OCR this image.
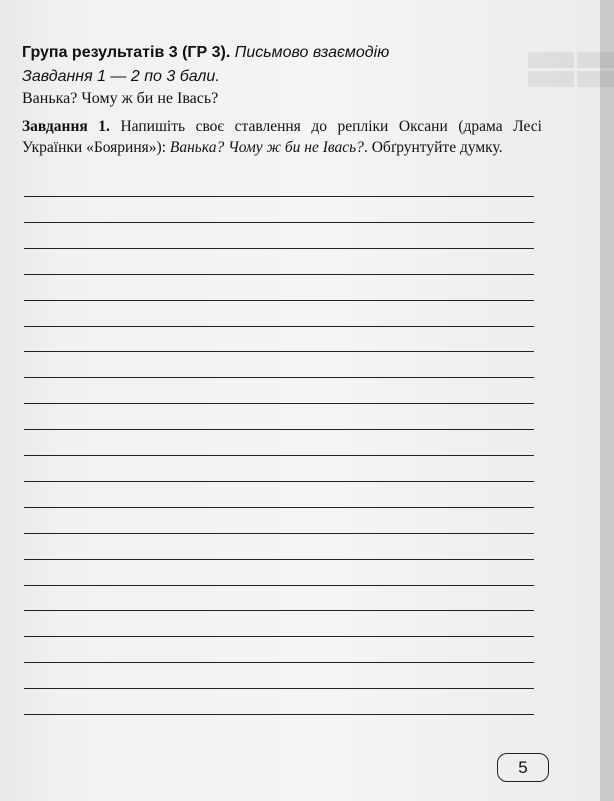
█████ ████
█████ ████
Група результатів 3 (ГР 3). Письмово взаємодію
Завдання 1 — 2 по 3 бали.
Ванька? Чому ж би не Івась?
Завдання 1. Напишіть своє ставлення до репліки Оксани (драма Лесі Українки «Бояриня»): Ванька? Чому ж би не Івась?. Обґрунтуйте думку.
5
